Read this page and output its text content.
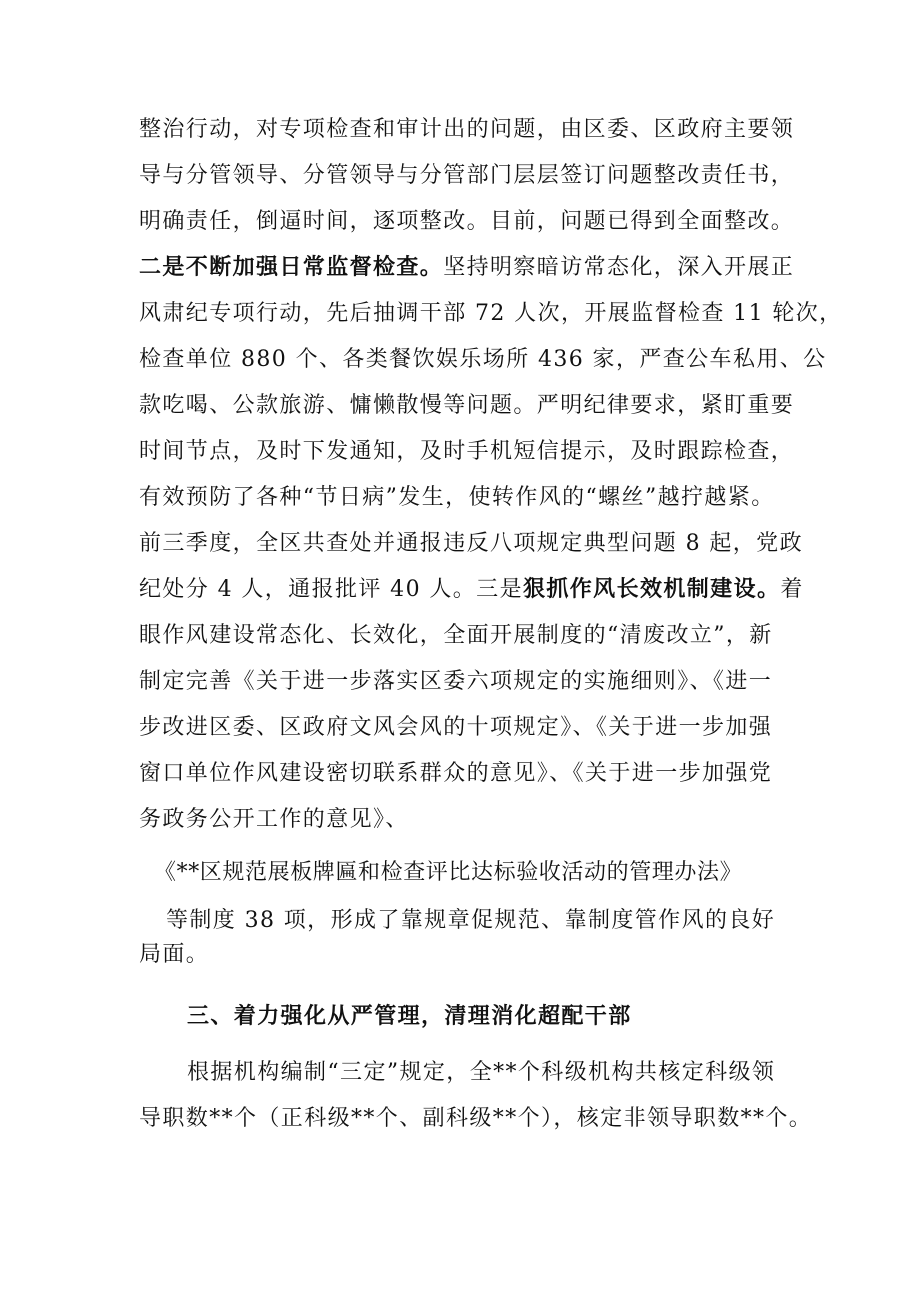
整治行动，对专项检查和审计出的问题，由区委、区政府主要领
导与分管领导、分管领导与分管部门层层签订问题整改责任书，
明确责任，倒逼时间，逐项整改。目前，问题已得到全面整改。
二是不断加强日常监督检查。坚持明察暗访常态化，深入开展正
风肃纪专项行动，先后抽调干部 72 人次，开展监督检查 11 轮次，
检查单位 880 个、各类餐饮娱乐场所 436 家，严查公车私用、公
款吃喝、公款旅游、慵懒散慢等问题。严明纪律要求，紧盯重要
时间节点，及时下发通知，及时手机短信提示，及时跟踪检查，
有效预防了各种“节日病”发生，使转作风的“螺丝”越拧越紧。
前三季度，全区共查处并通报违反八项规定典型问题 8 起，党政
纪处分 4 人，通报批评 40 人。三是狠抓作风长效机制建设。着
眼作风建设常态化、长效化，全面开展制度的“清废改立”，新
制定完善《关于进一步落实区委六项规定的实施细则》、《进一
步改进区委、区政府文风会风的十项规定》、《关于进一步加强
窗口单位作风建设密切联系群众的意见》、《关于进一步加强党
务政务公开工作的意见》、
《**区规范展板牌匾和检查评比达标验收活动的管理办法》
等制度 38 项，形成了靠规章促规范、靠制度管作风的良好
局面。
三、着力强化从严管理，清理消化超配干部
根据机构编制“三定”规定，全**个科级机构共核定科级领
导职数**个（正科级**个、副科级**个），核定非领导职数**个。
